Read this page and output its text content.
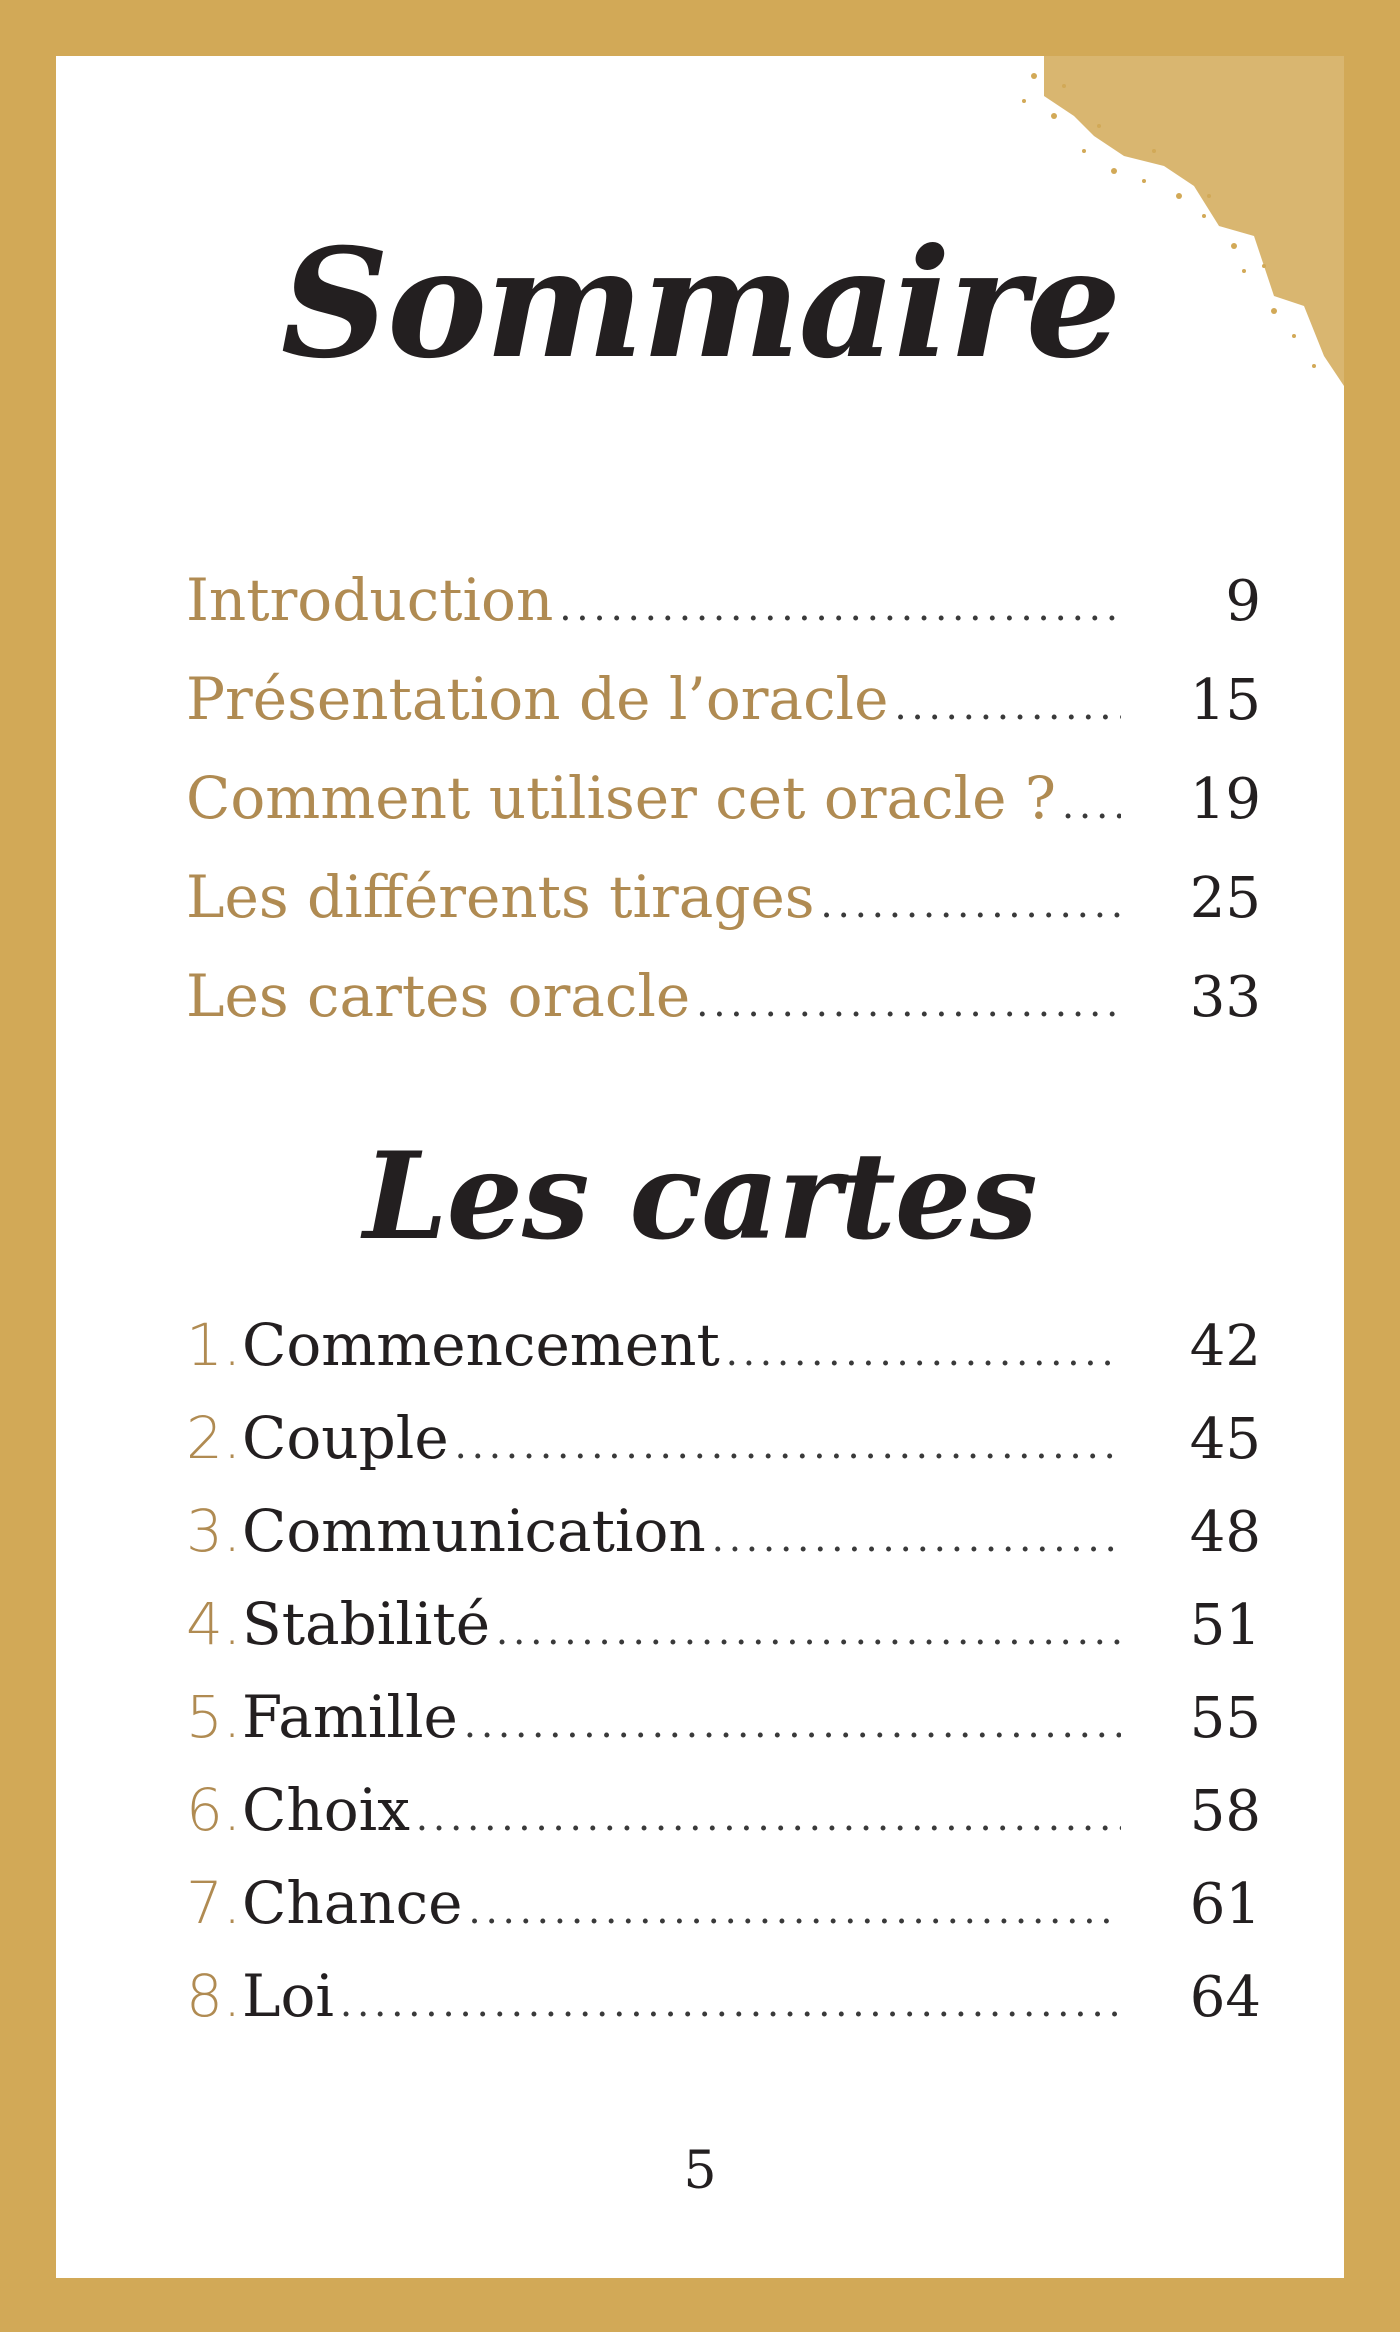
Sommaire
Introduction .....	9
Présentation de l’oracle .....	15
Comment utiliser cet oracle ? .....	19
Les différents tirages .....	25
Les cartes oracle .....	33
Les cartes
1. Commencement .....	42
2. Couple .....	45
3. Communication .....	48
4. Stabilité .....	51
5. Famille .....	55
6. Choix .....	58
7. Chance .....	61
8. Loi .....	64
5
